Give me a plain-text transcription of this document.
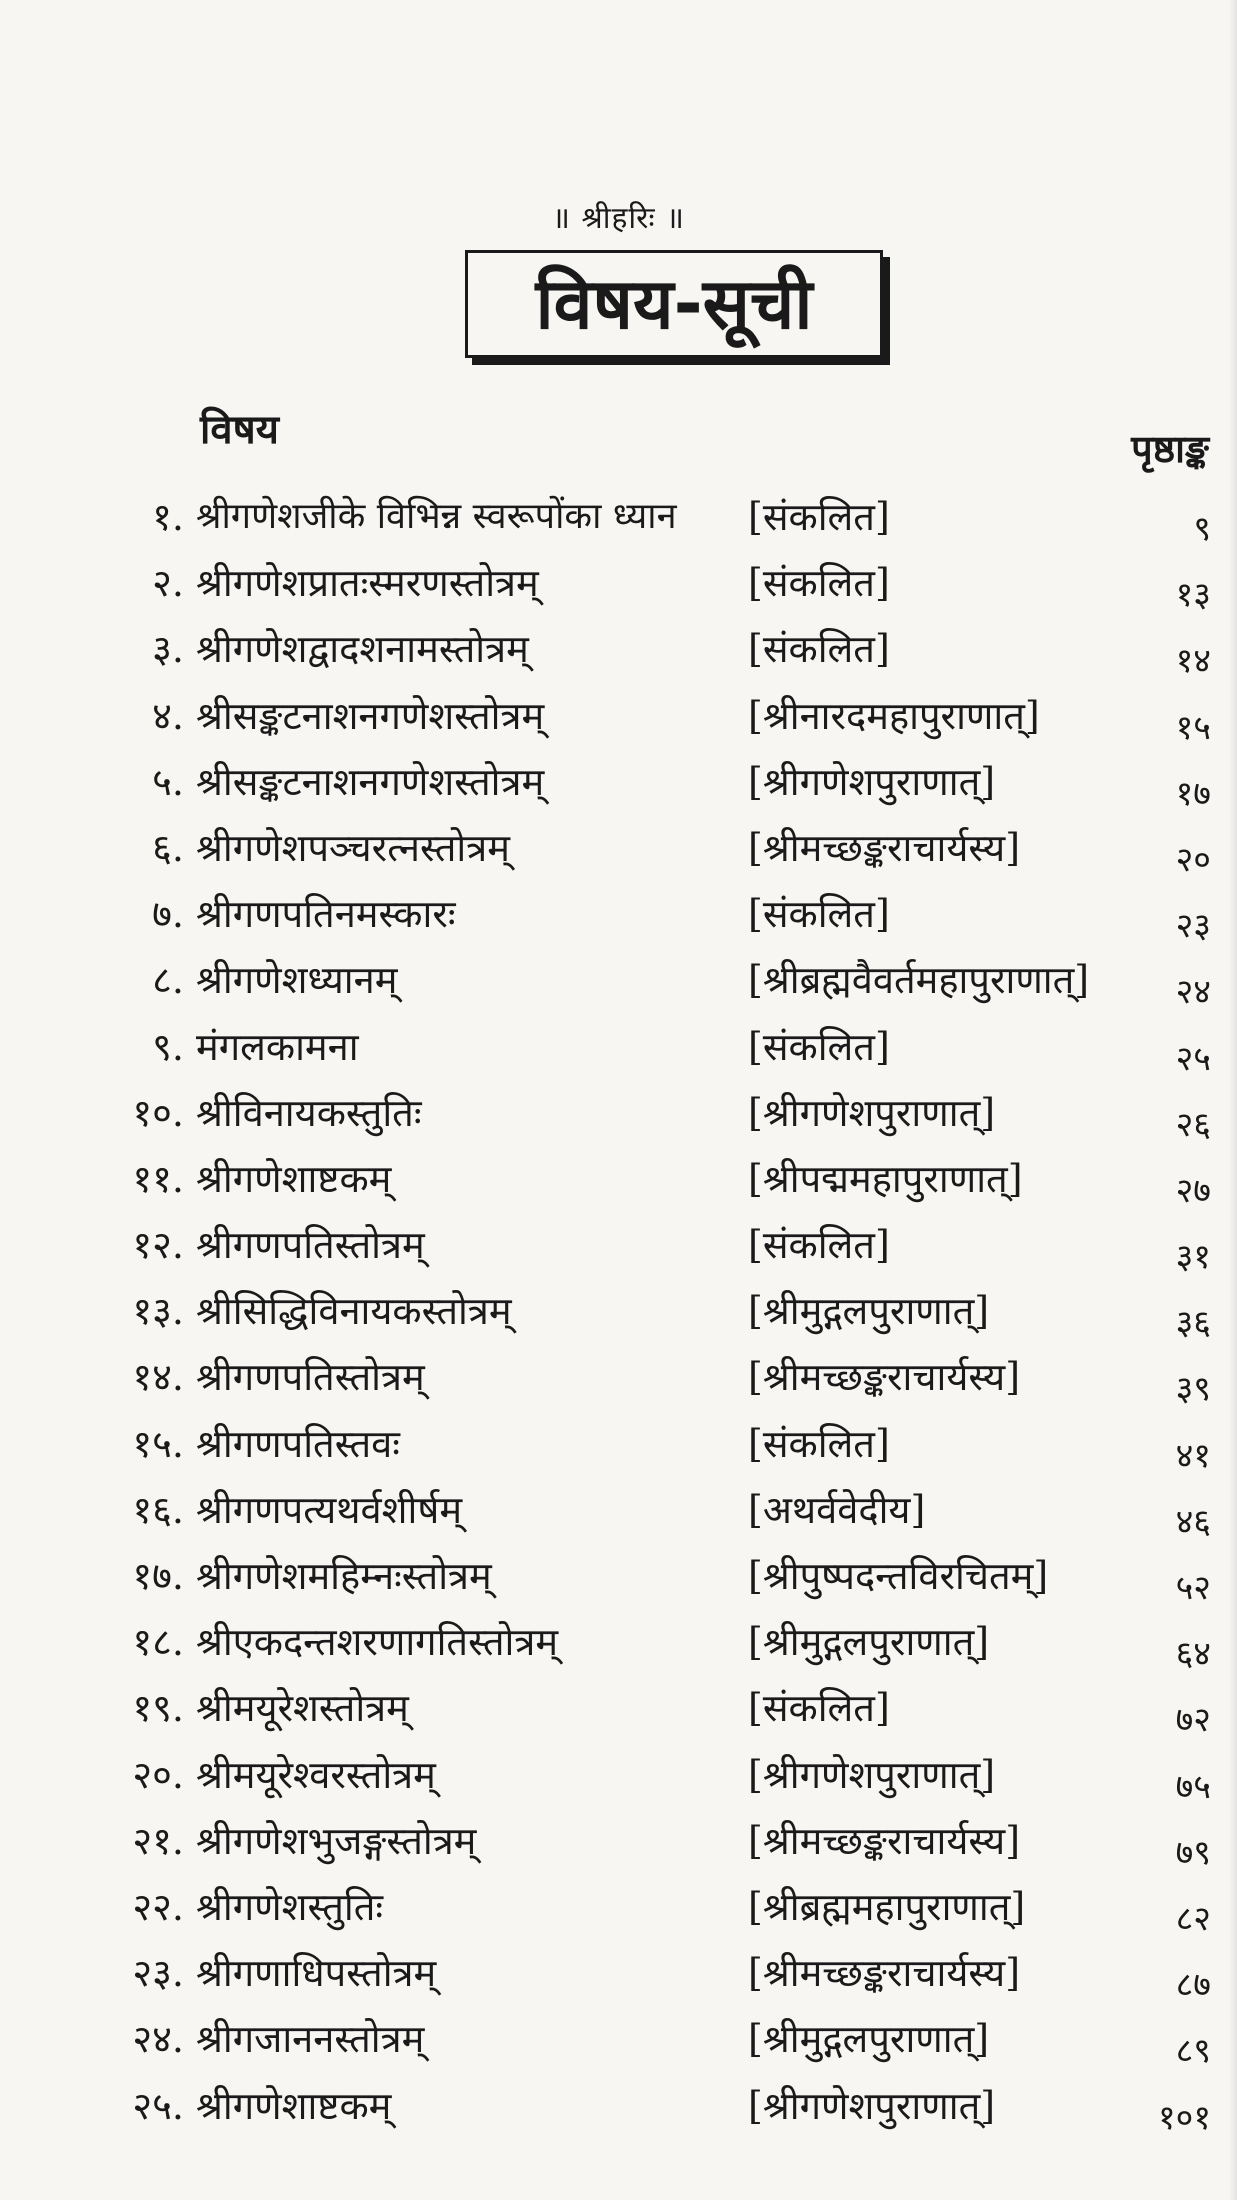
॥ श्रीहरिः ॥
विषय-सूची
विषय	पृष्ठाङ्क
१. श्रीगणेशजीके विभिन्न स्वरूपोंका ध्यान [संकलित]	९
२. श्रीगणेशप्रातःस्मरणस्तोत्रम्	[संकलित]	१३
३. श्रीगणेशद्वादशनामस्तोत्रम्	[संकलित]	१४
४. श्रीसङ्कटनाशनगणेशस्तोत्रम्	[श्रीनारदमहापुराणात्]	१५
५. श्रीसङ्कटनाशनगणेशस्तोत्रम्	[श्रीगणेशपुराणात्]	१७
६. श्रीगणेशपञ्चरत्नस्तोत्रम्	[श्रीमच्छङ्कराचार्यस्य]	२०
७. श्रीगणपतिनमस्कारः	[संकलित]	२३
८. श्रीगणेशध्यानम्	[श्रीब्रह्मवैवर्तमहापुराणात्]	२४
९. मंगलकामना	[संकलित]	२५
१०. श्रीविनायकस्तुतिः	[श्रीगणेशपुराणात्]	२६
११. श्रीगणेशाष्टकम्	[श्रीपद्ममहापुराणात्]	२७
१२. श्रीगणपतिस्तोत्रम्	[संकलित]	३१
१३. श्रीसिद्धिविनायकस्तोत्रम्	[श्रीमुद्गलपुराणात्]	३६
१४. श्रीगणपतिस्तोत्रम्	[श्रीमच्छङ्कराचार्यस्य]	३९
१५. श्रीगणपतिस्तवः	[संकलित]	४१
१६. श्रीगणपत्यथर्वशीर्षम्	[अथर्ववेदीय]	४६
१७. श्रीगणेशमहिम्नःस्तोत्रम्	[श्रीपुष्पदन्तविरचितम्]	५२
१८. श्रीएकदन्तशरणागतिस्तोत्रम्	[श्रीमुद्गलपुराणात्]	६४
१९. श्रीमयूरेशस्तोत्रम्	[संकलित]	७२
२०. श्रीमयूरेश्वरस्तोत्रम्	[श्रीगणेशपुराणात्]	७५
२१. श्रीगणेशभुजङ्गस्तोत्रम्	[श्रीमच्छङ्कराचार्यस्य]	७९
२२. श्रीगणेशस्तुतिः	[श्रीब्रह्ममहापुराणात्]	८२
२३. श्रीगणाधिपस्तोत्रम्	[श्रीमच्छङ्कराचार्यस्य]	८७
२४. श्रीगजाननस्तोत्रम्	[श्रीमुद्गलपुराणात्]	८९
२५. श्रीगणेशाष्टकम्	[श्रीगणेशपुराणात्]	१०१
